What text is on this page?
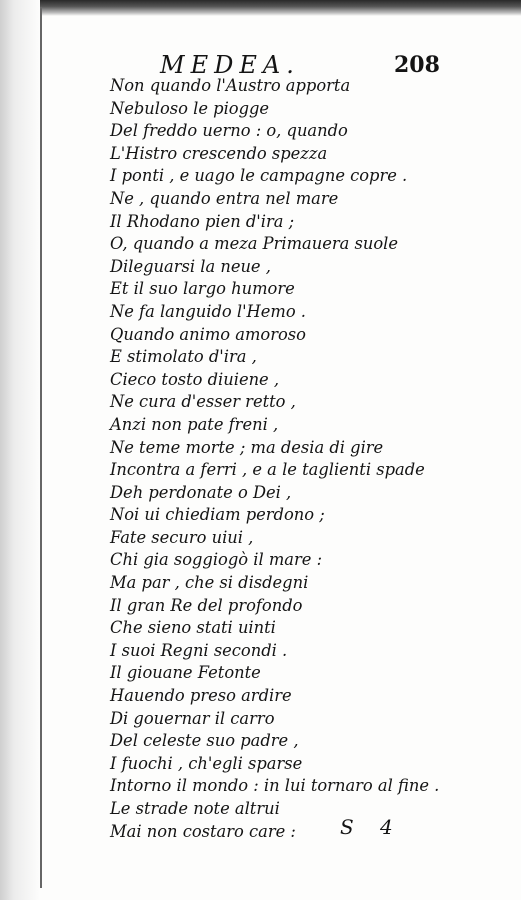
MEDEA.	208
Non quando l'Austro apporta
Nebuloso le piogge
Del freddo uerno : o, quando
L'Histro crescendo spezza
I ponti , e uago le campagne copre .
Ne , quando entra nel mare
Il Rhodano pien d'ira ;
O, quando a meza Primauera suole
Dileguarsi la neue ,
Et il suo largo humore
Ne fa languido l'Hemo .
Quando animo amoroso
E stimolato d'ira ,
Cieco tosto diuiene ,
Ne cura d'esser retto ,
Anzi non pate freni ,
Ne teme morte ; ma desia di gire
Incontra a ferri , e a le taglienti spade
Deh perdonate o Dei ,
Noi ui chiediam perdono ;
Fate securo uiui ,
Chi gia soggiogò il mare :
Ma par , che si disdegni
Il gran Re del profondo
Che sieno stati uinti
I suoi Regni secondi .
Il giouane Fetonte
Hauendo preso ardire
Di gouernar il carro
Del celeste suo padre ,
I fuochi , ch'egli sparse
Intorno il mondo : in lui tornaro al fine .
Le strade note altrui
Mai non costaro care :	S 4
